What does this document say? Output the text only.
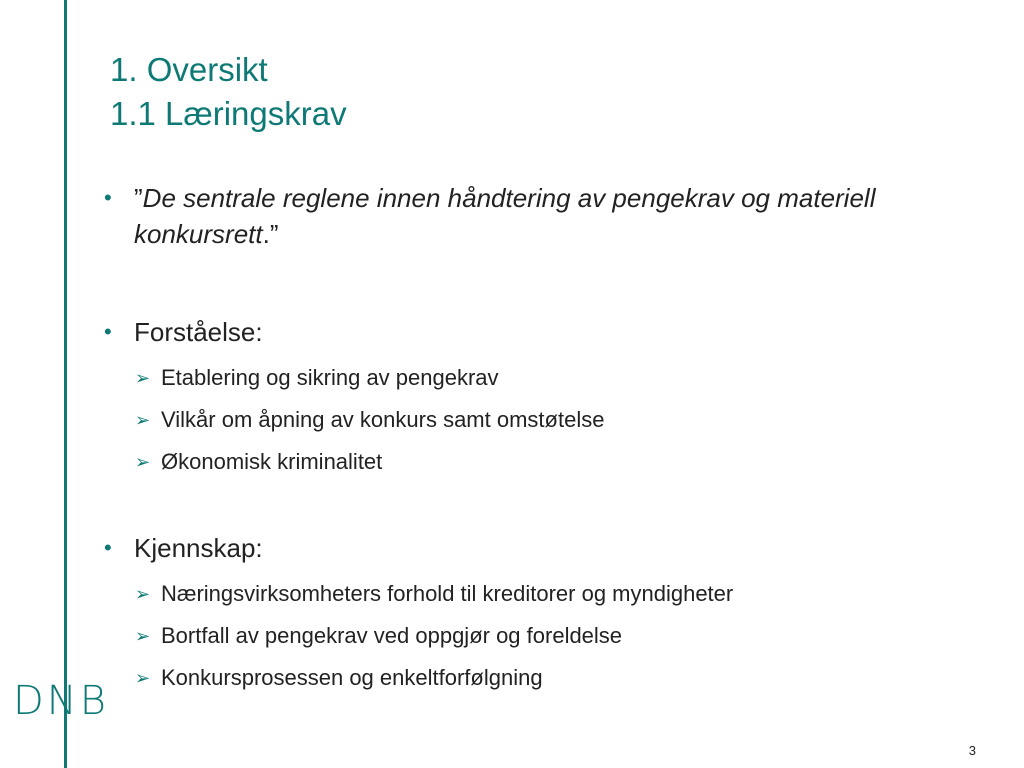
1. Oversikt
1.1 Læringskrav
• ”De sentrale reglene innen håndtering av pengekrav og materiell konkursrett.”
• Forståelse:
➢ Etablering og sikring av pengekrav
➢ Vilkår om åpning av konkurs samt omstøtelse
➢ Økonomisk kriminalitet
• Kjennskap:
➢ Næringsvirksomheters forhold til kreditorer og myndigheter
➢ Bortfall av pengekrav ved oppgjør og foreldelse
➢ Konkursprosessen og enkeltforfølgning
DNB
3
